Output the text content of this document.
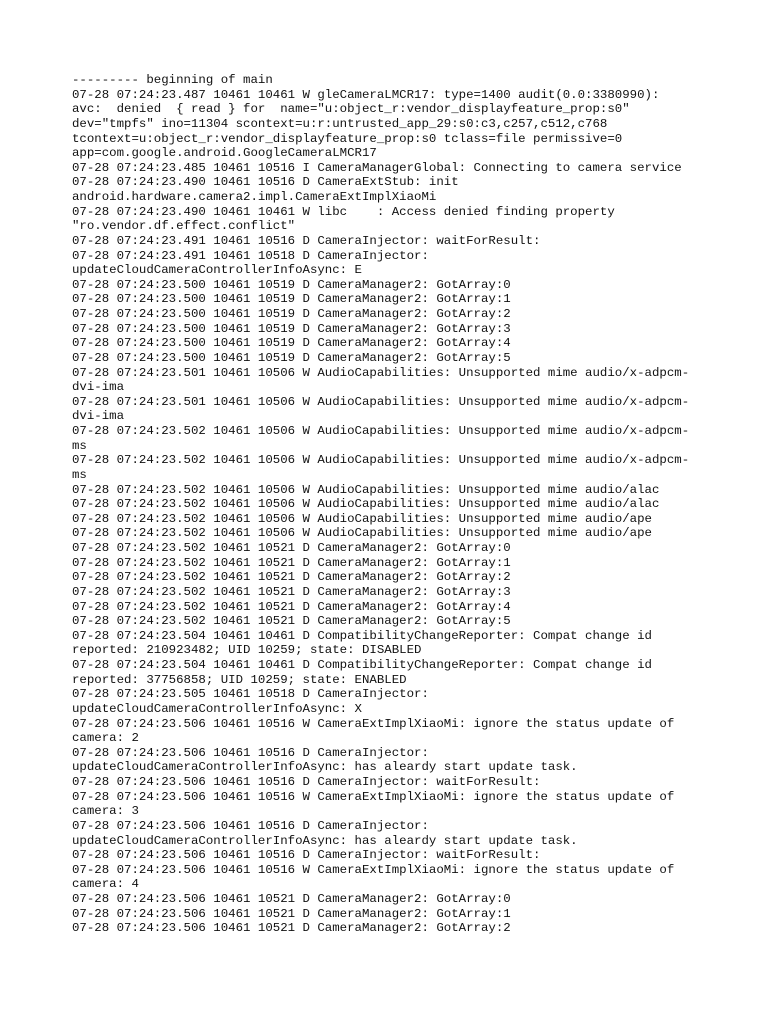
--------- beginning of main
07-28 07:24:23.487 10461 10461 W gleCameraLMCR17: type=1400 audit(0.0:3380990):
avc:  denied  { read } for  name="u:object_r:vendor_displayfeature_prop:s0"
dev="tmpfs" ino=11304 scontext=u:r:untrusted_app_29:s0:c3,c257,c512,c768
tcontext=u:object_r:vendor_displayfeature_prop:s0 tclass=file permissive=0
app=com.google.android.GoogleCameraLMCR17
07-28 07:24:23.485 10461 10516 I CameraManagerGlobal: Connecting to camera service
07-28 07:24:23.490 10461 10516 D CameraExtStub: init
android.hardware.camera2.impl.CameraExtImplXiaoMi
07-28 07:24:23.490 10461 10461 W libc    : Access denied finding property
"ro.vendor.df.effect.conflict"
07-28 07:24:23.491 10461 10516 D CameraInjector: waitForResult:
07-28 07:24:23.491 10461 10518 D CameraInjector:
updateCloudCameraControllerInfoAsync: E
07-28 07:24:23.500 10461 10519 D CameraManager2: GotArray:0
07-28 07:24:23.500 10461 10519 D CameraManager2: GotArray:1
07-28 07:24:23.500 10461 10519 D CameraManager2: GotArray:2
07-28 07:24:23.500 10461 10519 D CameraManager2: GotArray:3
07-28 07:24:23.500 10461 10519 D CameraManager2: GotArray:4
07-28 07:24:23.500 10461 10519 D CameraManager2: GotArray:5
07-28 07:24:23.501 10461 10506 W AudioCapabilities: Unsupported mime audio/x-adpcm-
dvi-ima
07-28 07:24:23.501 10461 10506 W AudioCapabilities: Unsupported mime audio/x-adpcm-
dvi-ima
07-28 07:24:23.502 10461 10506 W AudioCapabilities: Unsupported mime audio/x-adpcm-
ms
07-28 07:24:23.502 10461 10506 W AudioCapabilities: Unsupported mime audio/x-adpcm-
ms
07-28 07:24:23.502 10461 10506 W AudioCapabilities: Unsupported mime audio/alac
07-28 07:24:23.502 10461 10506 W AudioCapabilities: Unsupported mime audio/alac
07-28 07:24:23.502 10461 10506 W AudioCapabilities: Unsupported mime audio/ape
07-28 07:24:23.502 10461 10506 W AudioCapabilities: Unsupported mime audio/ape
07-28 07:24:23.502 10461 10521 D CameraManager2: GotArray:0
07-28 07:24:23.502 10461 10521 D CameraManager2: GotArray:1
07-28 07:24:23.502 10461 10521 D CameraManager2: GotArray:2
07-28 07:24:23.502 10461 10521 D CameraManager2: GotArray:3
07-28 07:24:23.502 10461 10521 D CameraManager2: GotArray:4
07-28 07:24:23.502 10461 10521 D CameraManager2: GotArray:5
07-28 07:24:23.504 10461 10461 D CompatibilityChangeReporter: Compat change id
reported: 210923482; UID 10259; state: DISABLED
07-28 07:24:23.504 10461 10461 D CompatibilityChangeReporter: Compat change id
reported: 37756858; UID 10259; state: ENABLED
07-28 07:24:23.505 10461 10518 D CameraInjector:
updateCloudCameraControllerInfoAsync: X
07-28 07:24:23.506 10461 10516 W CameraExtImplXiaoMi: ignore the status update of
camera: 2
07-28 07:24:23.506 10461 10516 D CameraInjector:
updateCloudCameraControllerInfoAsync: has aleardy start update task.
07-28 07:24:23.506 10461 10516 D CameraInjector: waitForResult:
07-28 07:24:23.506 10461 10516 W CameraExtImplXiaoMi: ignore the status update of
camera: 3
07-28 07:24:23.506 10461 10516 D CameraInjector:
updateCloudCameraControllerInfoAsync: has aleardy start update task.
07-28 07:24:23.506 10461 10516 D CameraInjector: waitForResult:
07-28 07:24:23.506 10461 10516 W CameraExtImplXiaoMi: ignore the status update of
camera: 4
07-28 07:24:23.506 10461 10521 D CameraManager2: GotArray:0
07-28 07:24:23.506 10461 10521 D CameraManager2: GotArray:1
07-28 07:24:23.506 10461 10521 D CameraManager2: GotArray:2
